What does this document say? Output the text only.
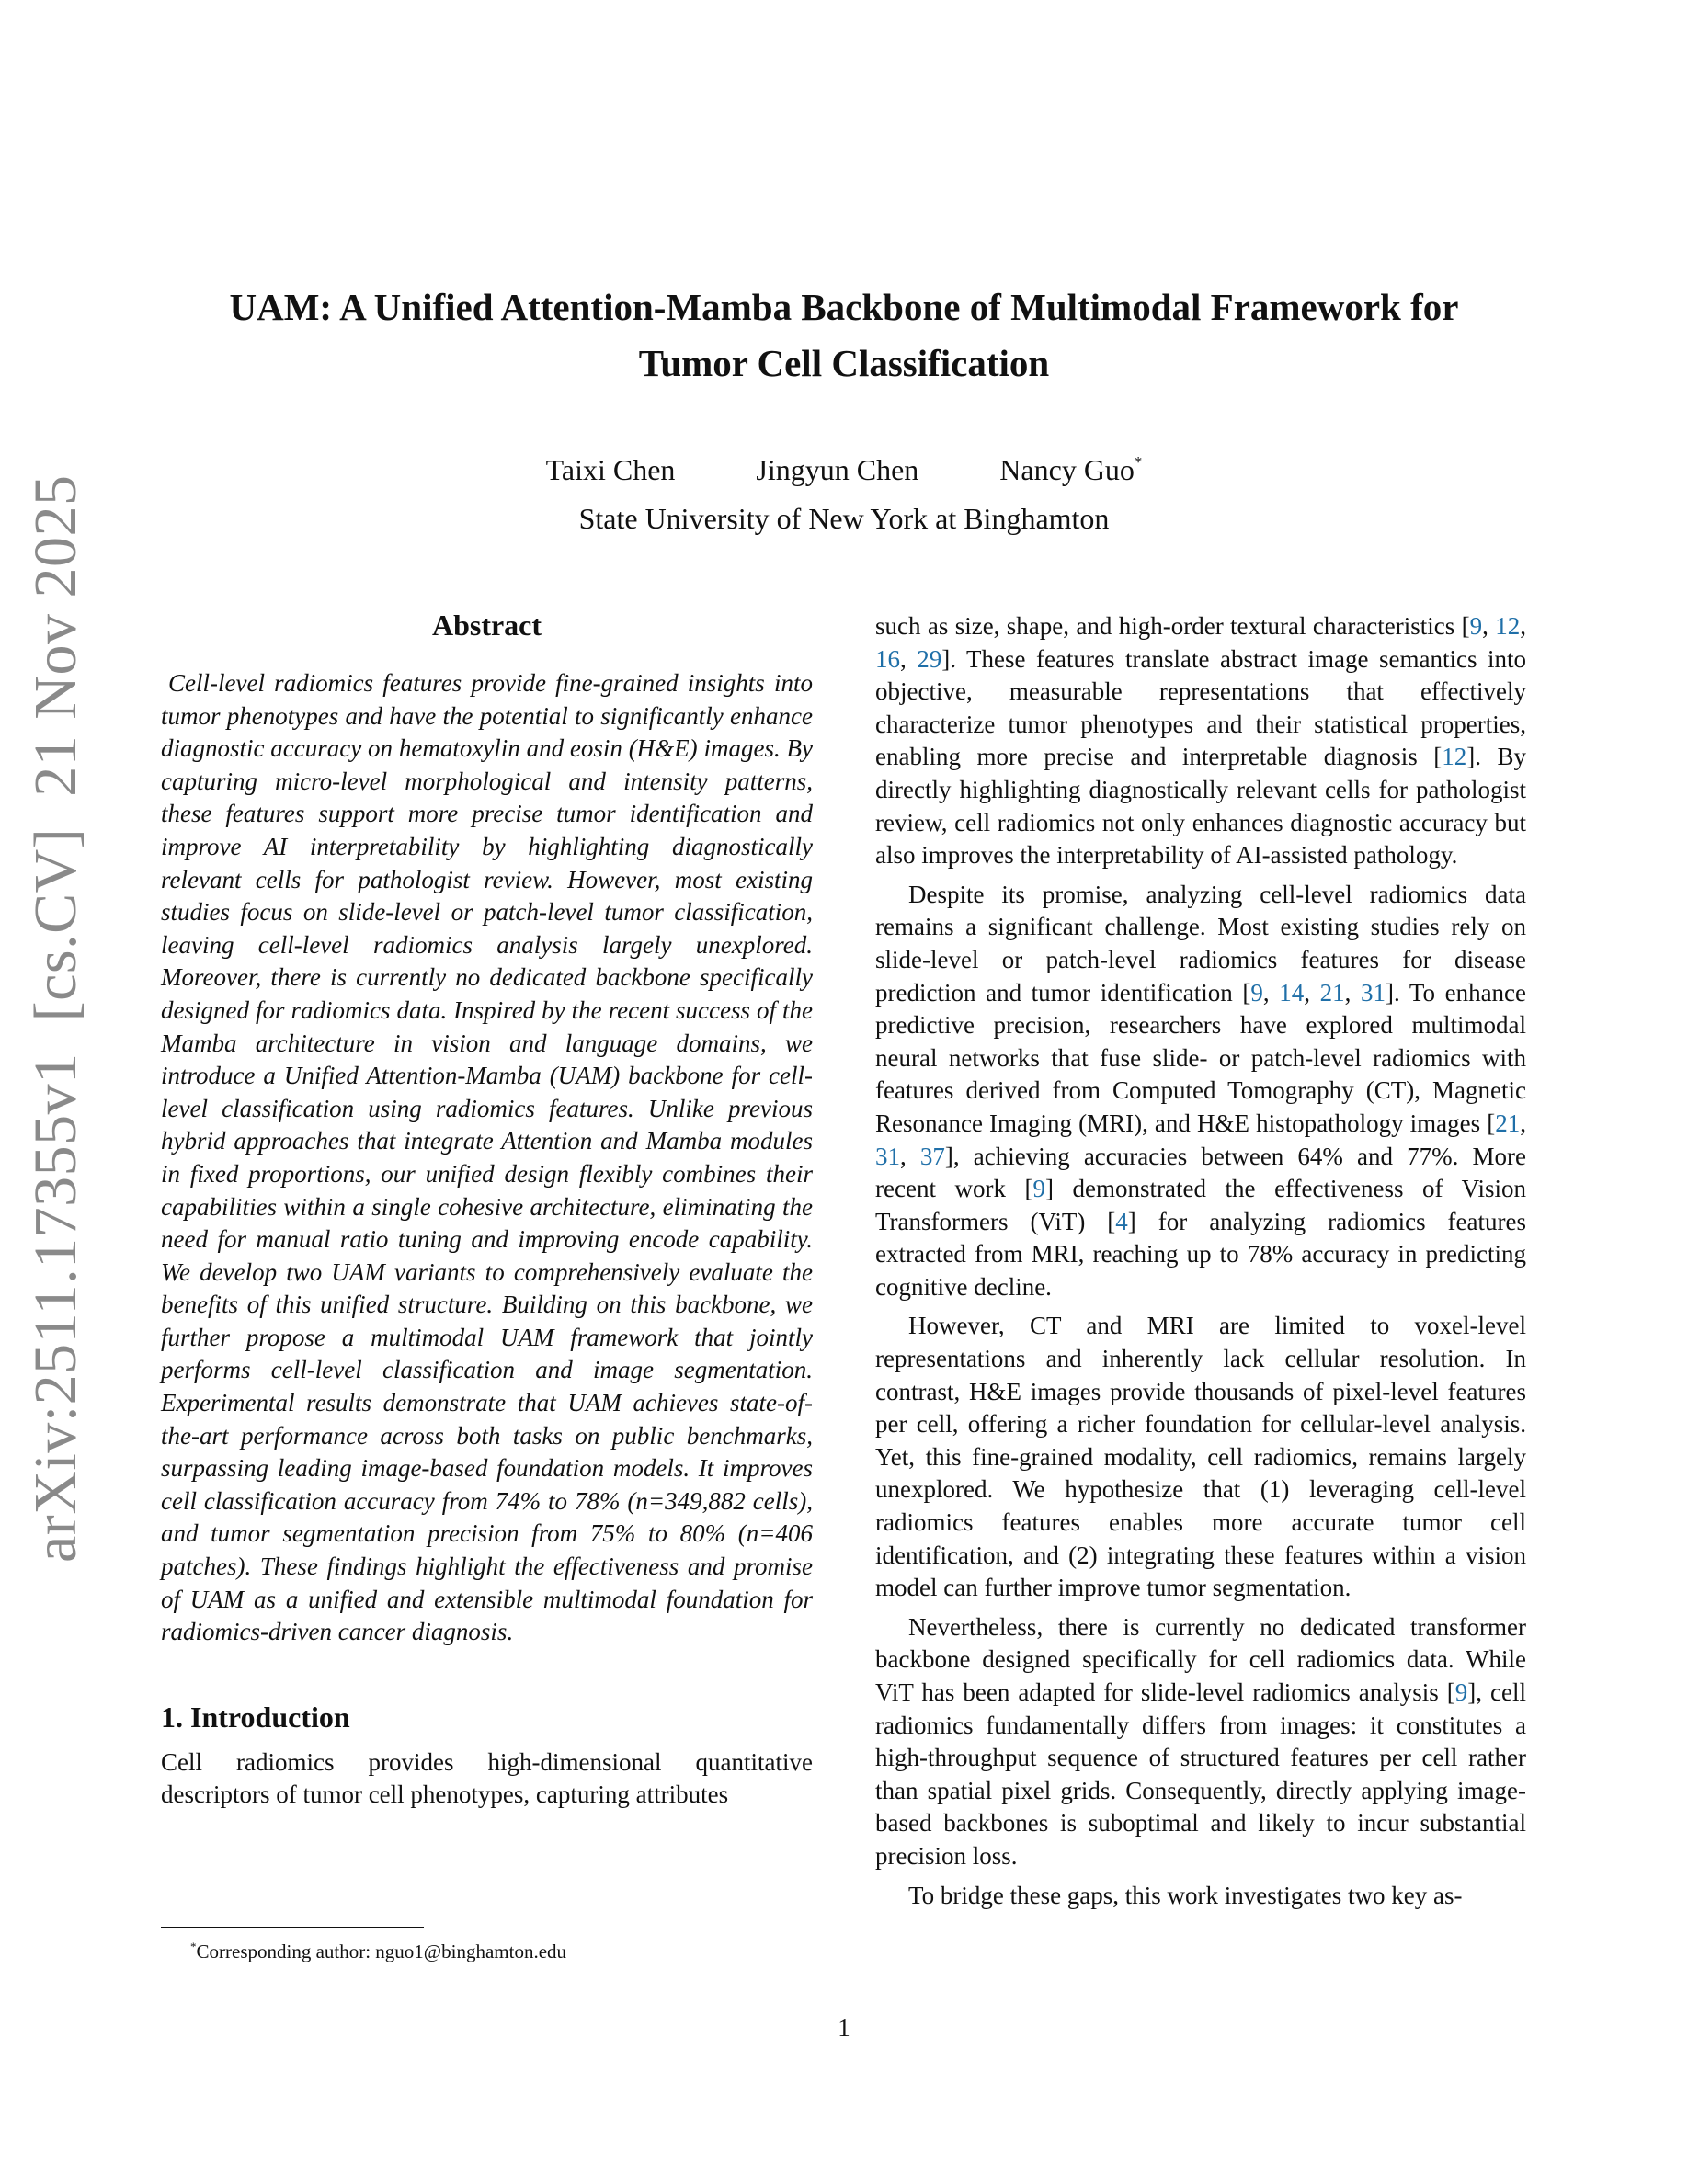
arXiv:2511.17355v1  [cs.CV]  21 Nov 2025
UAM: A Unified Attention-Mamba Backbone of Multimodal Framework for
Tumor Cell Classification
Taixi Chen	Jingyun Chen	Nancy Guo*
State University of New York at Binghamton
Abstract

Cell-level radiomics features provide fine-grained insights into tumor phenotypes and have the potential to significantly enhance diagnostic accuracy on hematoxylin and eosin (H&E) images. By capturing micro-level morphological and intensity patterns, these features support more precise tumor identification and improve AI interpretability by highlighting diagnostically relevant cells for pathologist review. However, most existing studies focus on slide-level or patch-level tumor classification, leaving cell-level radiomics analysis largely unexplored. Moreover, there is currently no dedicated backbone specifically designed for radiomics data. Inspired by the recent success of the Mamba architecture in vision and language domains, we introduce a Unified Attention-Mamba (UAM) backbone for cell-level classification using radiomics features. Unlike previous hybrid approaches that integrate Attention and Mamba modules in fixed proportions, our unified design flexibly combines their capabilities within a single cohesive architecture, eliminating the need for manual ratio tuning and improving encode capability. We develop two UAM variants to comprehensively evaluate the benefits of this unified structure. Building on this backbone, we further propose a multimodal UAM framework that jointly performs cell-level classification and image segmentation. Experimental results demonstrate that UAM achieves state-of-the-art performance across both tasks on public benchmarks, surpassing leading image-based foundation models. It improves cell classification accuracy from 74% to 78% (n=349,882 cells), and tumor segmentation precision from 75% to 80% (n=406 patches). These findings highlight the effectiveness and promise of UAM as a unified and extensible multimodal foundation for radiomics-driven cancer diagnosis.

1. Introduction

Cell radiomics provides high-dimensional quantitative descriptors of tumor cell phenotypes, capturing attributes

such as size, shape, and high-order textural characteristics [9, 12, 16, 29]. These features translate abstract image semantics into objective, measurable representations that effectively characterize tumor phenotypes and their statistical properties, enabling more precise and interpretable diagnosis [12]. By directly highlighting diagnostically relevant cells for pathologist review, cell radiomics not only enhances diagnostic accuracy but also improves the interpretability of AI-assisted pathology.

Despite its promise, analyzing cell-level radiomics data remains a significant challenge. Most existing studies rely on slide-level or patch-level radiomics features for disease prediction and tumor identification [9, 14, 21, 31]. To enhance predictive precision, researchers have explored multimodal neural networks that fuse slide- or patch-level radiomics with features derived from Computed Tomography (CT), Magnetic Resonance Imaging (MRI), and H&E histopathology images [21, 31, 37], achieving accuracies between 64% and 77%. More recent work [9] demonstrated the effectiveness of Vision Transformers (ViT) [4] for analyzing radiomics features extracted from MRI, reaching up to 78% accuracy in predicting cognitive decline.

However, CT and MRI are limited to voxel-level representations and inherently lack cellular resolution. In contrast, H&E images provide thousands of pixel-level features per cell, offering a richer foundation for cellular-level analysis. Yet, this fine-grained modality, cell radiomics, remains largely unexplored. We hypothesize that (1) leveraging cell-level radiomics features enables more accurate tumor cell identification, and (2) integrating these features within a vision model can further improve tumor segmentation.

Nevertheless, there is currently no dedicated transformer backbone designed specifically for cell radiomics data. While ViT has been adapted for slide-level radiomics analysis [9], cell radiomics fundamentally differs from images: it constitutes a high-throughput sequence of structured features per cell rather than spatial pixel grids. Consequently, directly applying image-based backbones is suboptimal and likely to incur substantial precision loss.

To bridge these gaps, this work investigates two key as-

*Corresponding author: nguo1@binghamton.edu
1
